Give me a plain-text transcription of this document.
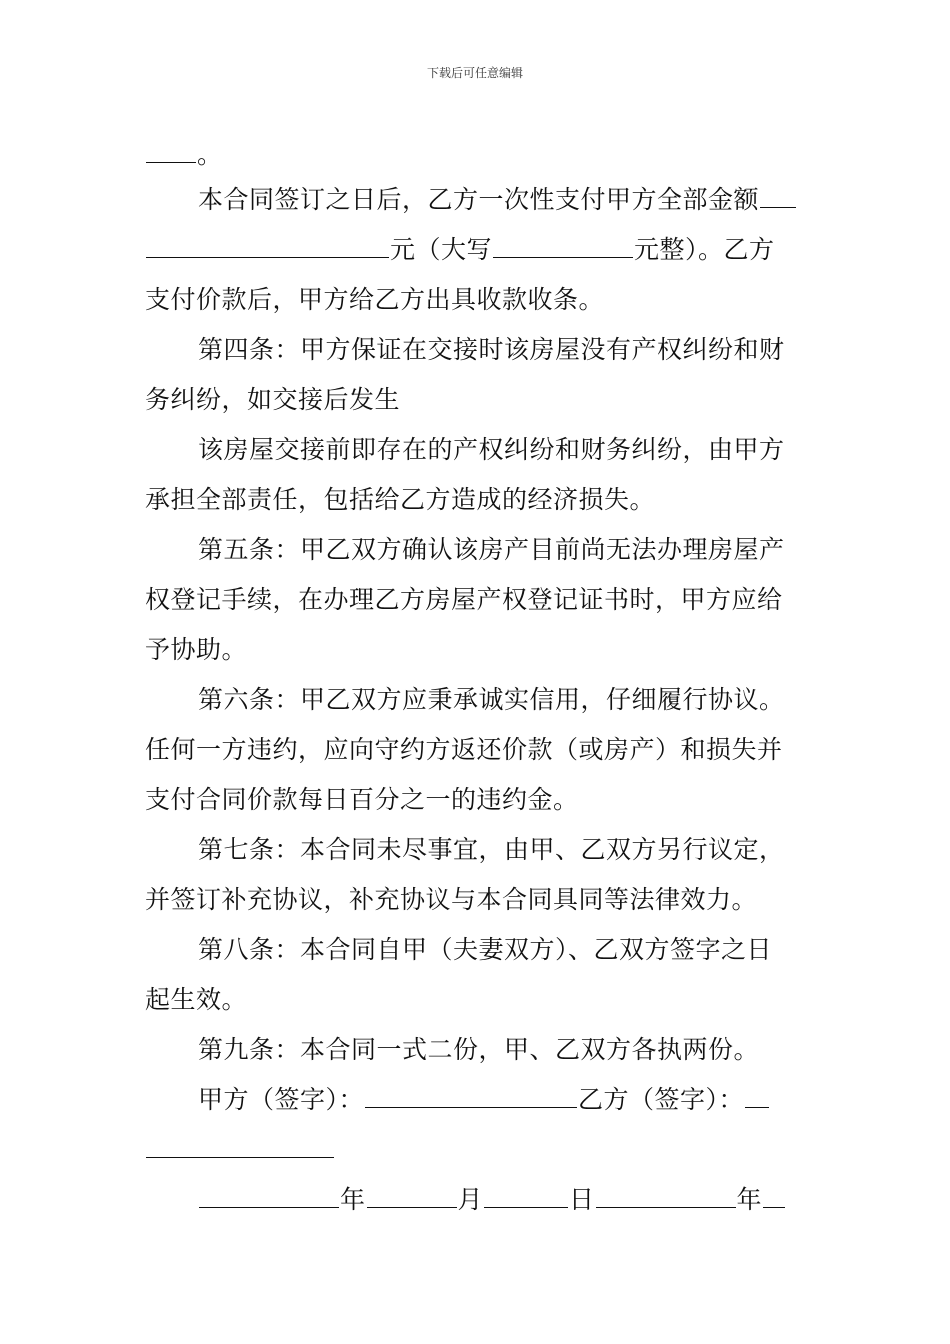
下载后可任意编辑
。
本合同签订之日后，乙方一次性支付甲方全部金额
元（大写	元整）。乙方
支付价款后，甲方给乙方出具收款收条。
第四条：甲方保证在交接时该房屋没有产权纠纷和财
务纠纷，如交接后发生
该房屋交接前即存在的产权纠纷和财务纠纷，由甲方
承担全部责任，包括给乙方造成的经济损失。
第五条：甲乙双方确认该房产目前尚无法办理房屋产
权登记手续，在办理乙方房屋产权登记证书时，甲方应给
予协助。
第六条：甲乙双方应秉承诚实信用，仔细履行协议。
任何一方违约，应向守约方返还价款（或房产）和损失并
支付合同价款每日百分之一的违约金。
第七条：本合同未尽事宜，由甲、乙双方另行议定，
并签订补充协议，补充协议与本合同具同等法律效力。
第八条：本合同自甲（夫妻双方）、乙双方签字之日
起生效。
第九条：本合同一式二份，甲、乙双方各执两份。
甲方（签字）：	乙方（签字）：
年	月	日	年
